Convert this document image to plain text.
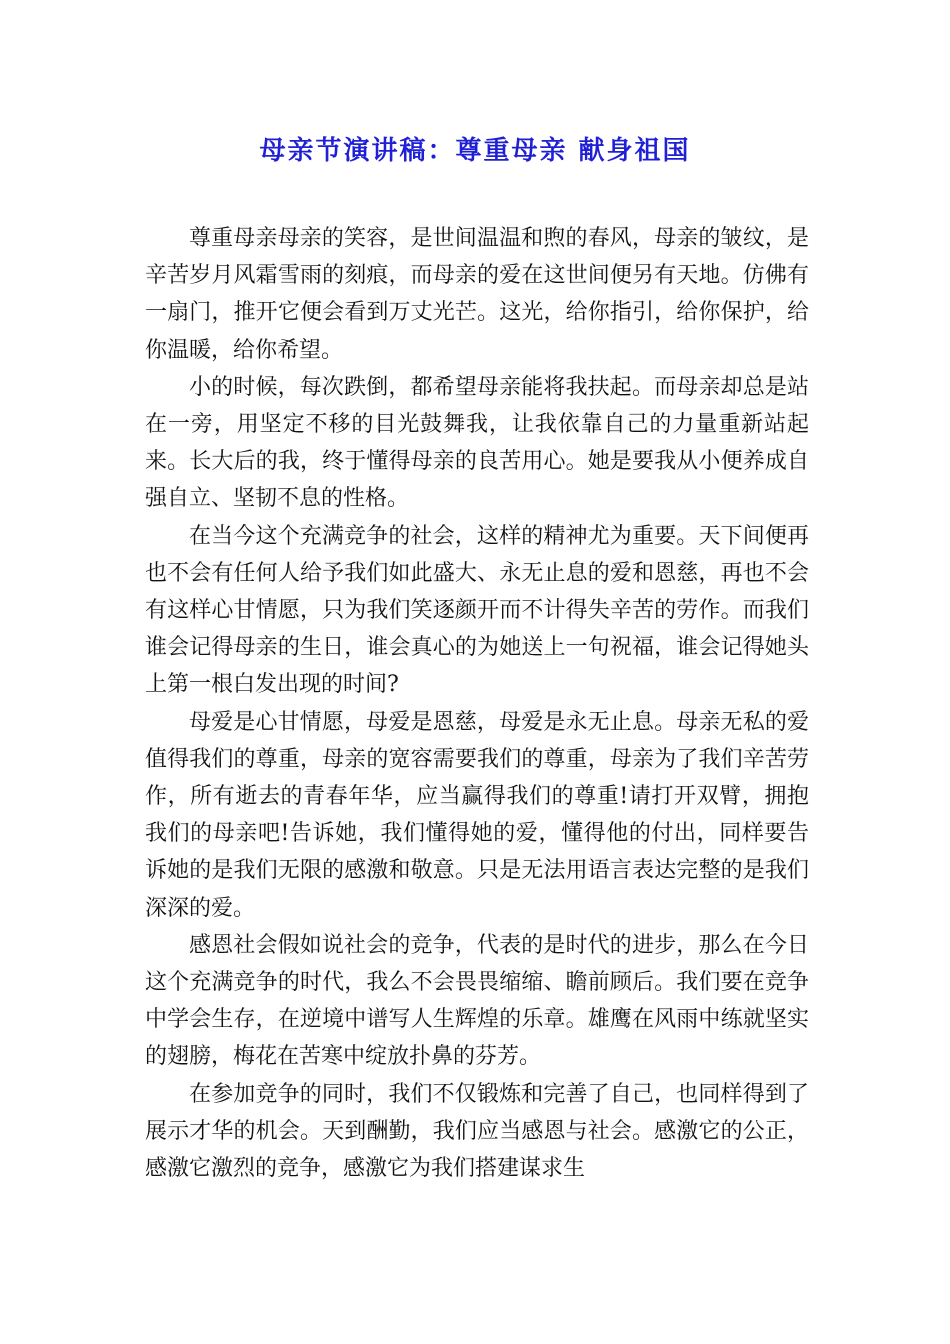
母亲节演讲稿：尊重母亲 献身祖国

尊重母亲母亲的笑容，是世间温温和煦的春风，母亲的皱纹，是辛苦岁月风霜雪雨的刻痕，而母亲的爱在这世间便另有天地。仿佛有一扇门，推开它便会看到万丈光芒。这光，给你指引，给你保护，给你温暖，给你希望。

小的时候，每次跌倒，都希望母亲能将我扶起。而母亲却总是站在一旁，用坚定不移的目光鼓舞我，让我依靠自己的力量重新站起来。长大后的我，终于懂得母亲的良苦用心。她是要我从小便养成自强自立、坚韧不息的性格。

在当今这个充满竞争的社会，这样的精神尤为重要。天下间便再也不会有任何人给予我们如此盛大、永无止息的爱和恩慈，再也不会有这样心甘情愿，只为我们笑逐颜开而不计得失辛苦的劳作。而我们谁会记得母亲的生日，谁会真心的为她送上一句祝福，谁会记得她头上第一根白发出现的时间?

母爱是心甘情愿，母爱是恩慈，母爱是永无止息。母亲无私的爱值得我们的尊重，母亲的宽容需要我们的尊重，母亲为了我们辛苦劳作，所有逝去的青春年华，应当赢得我们的尊重!请打开双臂，拥抱我们的母亲吧!告诉她，我们懂得她的爱，懂得他的付出，同样要告诉她的是我们无限的感激和敬意。只是无法用语言表达完整的是我们深深的爱。

感恩社会假如说社会的竞争，代表的是时代的进步，那么在今日这个充满竞争的时代，我么不会畏畏缩缩、瞻前顾后。我们要在竞争中学会生存，在逆境中谱写人生辉煌的乐章。雄鹰在风雨中练就坚实的翅膀，梅花在苦寒中绽放扑鼻的芬芳。

在参加竞争的同时，我们不仅锻炼和完善了自己，也同样得到了展示才华的机会。天到酬勤，我们应当感恩与社会。感激它的公正，感激它激烈的竞争，感激它为我们搭建谋求生
